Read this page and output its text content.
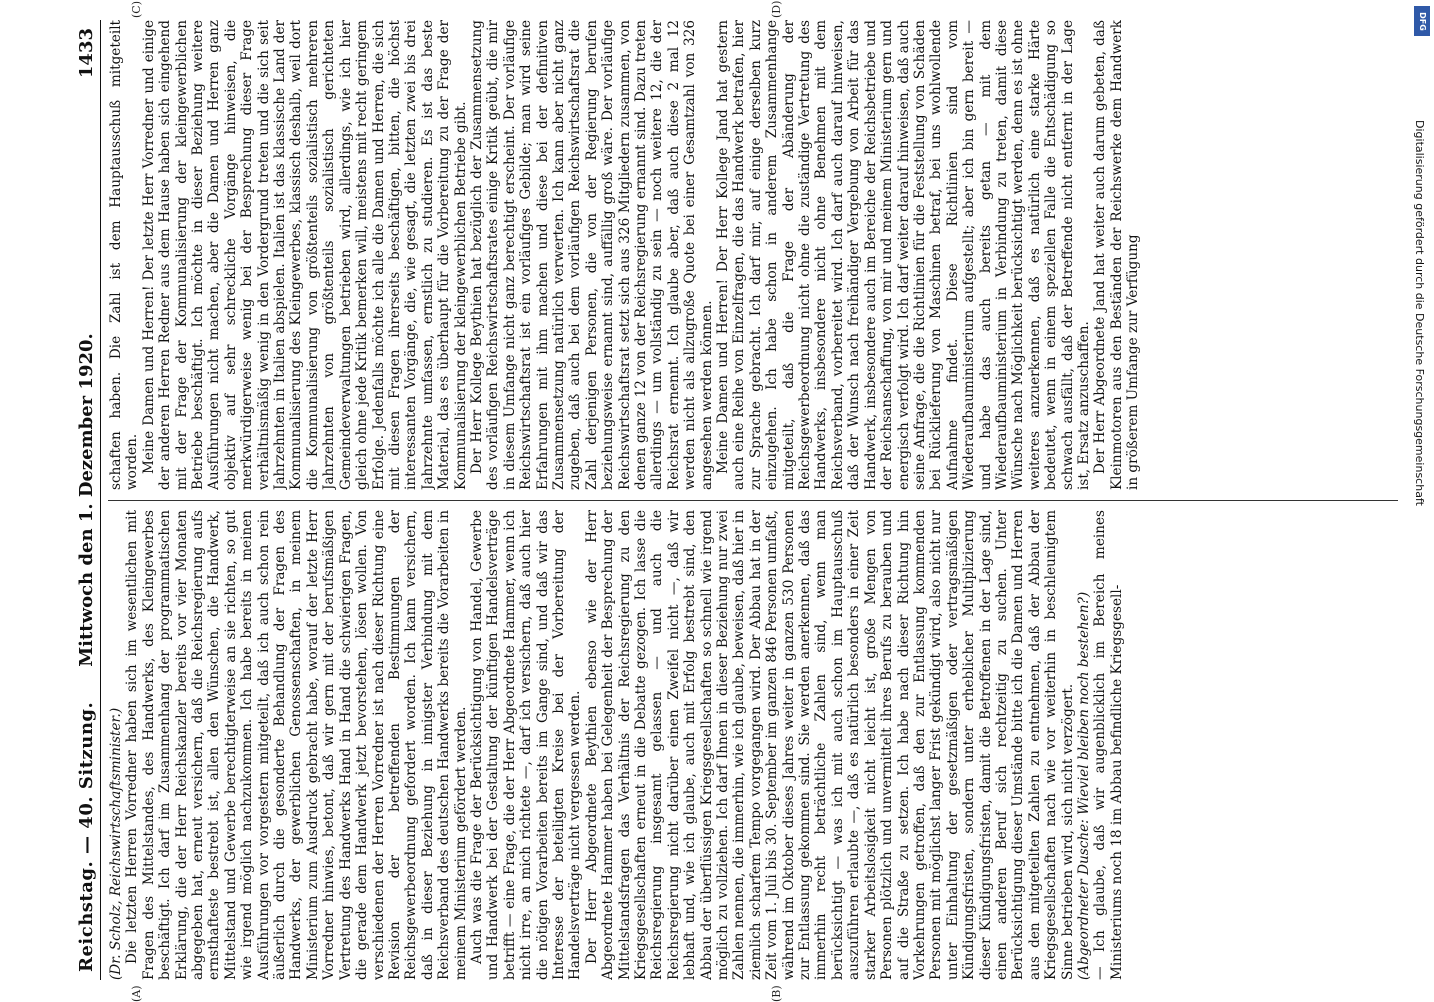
Reichstag. — 40. Sitzung.
Mittwoch den 1. Dezember 1920.
1433

(Dr. Scholz, Reichswirtschaftsminister.) Die letzten Herren Vorredner haben sich im wesentlichen mit Fragen des Mittelstandes, des Handwerks, des Kleingewerbes beschäftigt. Ich darf im Zusammenhang der programmatischen Erklärung, die der Herr Reichskanzler bereits vor vier Monaten abgegeben hat, erneut versichern, daß die Reichsregierung aufs ernsthafteste bestrebt ist, allen den Wünschen, die Handwerk, Mittelstand und Gewerbe berechtigterweise an sie richten, so gut wie irgend möglich nachzukommen. Ich habe bereits in meinen Ausführungen vor vorgestern mitgeteilt, daß ich auch schon rein äußerlich durch die gesonderte Behandlung der Fragen des Handwerks, der gewerblichen Genossenschaften, in meinem Ministerium zum Ausdruck gebracht habe, worauf der letzte Herr Vorredner hinwies, betont, daß wir gern mit der berufsmäßigen Vertretung des Handwerks Hand in Hand die schwierigen Fragen, die gerade dem Handwerk jetzt bevorstehen, lösen wollen. Von verschiedenen der Herren Vorredner ist nach dieser Richtung eine Revision der betreffenden Bestimmungen der Reichsgewerbeordnung gefordert worden. Ich kann versichern, daß in dieser Beziehung in innigster Verbindung mit dem Reichsverband des deutschen Handwerks bereits die Vorarbeiten in meinem Ministerium gefördert werden. Auch was die Frage der Berücksichtigung von Handel, Gewerbe und Handwerk bei der Gestaltung der künftigen Handelsverträge betrifft — eine Frage, die der Herr Abgeordnete Hammer, wenn ich nicht irre, an mich richtete —, darf ich versichern, daß auch hier die nötigen Vorarbeiten bereits im Gange sind, und daß wir das Interesse der beteiligten Kreise bei der Vorbereitung der Handelsverträge nicht vergessen werden. Der Herr Abgeordnete Beythien ebenso wie der Herr Abgeordnete Hammer haben bei Gelegenheit der Besprechung der Mittelstandsfragen das Verhältnis der Reichsregierung zu den Kriegsgesellschaften erneut in die Debatte gezogen. Ich lasse die Reichsregierung insgesamt gelassen — und auch die Reichsregierung nicht darüber einen Zweifel nicht —, daß wir lebhaft und, wie ich glaube, auch mit Erfolg bestrebt sind, den Abbau der überflüssigen Kriegsgesellschaften so schnell wie irgend möglich zu vollziehen. Ich darf Ihnen in dieser Beziehung nur zwei Zahlen nennen, die immerhin, wie ich glaube, beweisen, daß hier in ziemlich scharfem Tempo vorgegangen wird. Der Abbau hat in der Zeit vom 1. Juli bis 30. September im ganzen 846 Personen umfaßt, während im Oktober dieses Jahres weiter in ganzen 530 Personen zur Entlassung gekommen sind. Sie werden anerkennen, daß das immerhin recht beträchtliche Zahlen sind, wenn man berücksichtigt — was ich mit auch schon im Hauptausschuß auszuführen erlaubte —, daß es natürlich besonders in einer Zeit starker Arbeitslosigkeit nicht leicht ist, große Mengen von Personen plötzlich und unvermittelt ihres Berufs zu berauben und auf die Straße zu setzen. Ich habe nach dieser Richtung hin Vorkehrungen getroffen, daß den zur Entlassung kommenden Personen mit möglichst langer Frist gekündigt wird, also nicht nur unter Einhaltung der gesetzmäßigen oder vertragsmäßigen Kündigungsfristen, sondern unter erheblicher Multiplizierung dieser Kündigungsfristen, damit die Betroffenen in der Lage sind, einen anderen Beruf sich rechtzeitig zu suchen. Unter Berücksichtigung dieser Umstände bitte ich die Damen und Herren aus den mitgeteilten Zahlen zu entnehmen, daß der Abbau der Kriegsgesellschaften nach wie vor weiterhin in beschleunigtem Sinne betrieben wird, sich nicht verzögert. (Abgeordneter Dusche: Wieviel bleiben noch bestehen?) — Ich glaube, daß wir augenblicklich im Bereich meines Ministeriums noch 18 im Abbau befindliche Kriegsgesell-

schaften haben. Die Zahl ist dem Hauptausschuß mitgeteilt worden. Meine Damen und Herren! Der letzte Herr Vorredner und einige der anderen Herren Redner aus dem Hause haben sich eingehend mit der Frage der Kommunalisierung der kleingewerblichen Betriebe beschäftigt. Ich möchte in dieser Beziehung weitere Ausführungen nicht machen, aber die Damen und Herren ganz objektiv auf sehr schreckliche Vorgänge hinweisen, die merkwürdigerweise wenig bei der Besprechung dieser Frage verhältnismäßig wenig in den Vordergrund treten und die sich seit Jahrzehnten in Italien abspielen. Italien ist das klassische Land der Kommunalisierung des Kleingewerbes, klassisch deshalb, weil dort die Kommunalisierung von größtenteils sozialistisch mehreren Jahrzehnten von größtenteils sozialistisch gerichteten Gemeindeverwaltungen betrieben wird, allerdings, wie ich hier gleich ohne jede Kritik bemerken will, meistens mit recht geringem Erfolge. Jedenfalls möchte ich alle die Damen und Herren, die sich mit diesen Fragen ihrerseits beschäftigen, bitten, die höchst interessanten Vorgänge, die, wie gesagt, die letzten zwei bis drei Jahrzehnte umfassen, ernstlich zu studieren. Es ist das beste Material, das es überhaupt für die Vorbereitung zu der Frage der Kommunalisierung der kleingewerblichen Betriebe gibt. Der Herr Kollege Beythien hat bezüglich der Zusammensetzung des vorläufigen Reichswirtschaftsrates einige Kritik geübt, die mir in diesem Umfange nicht ganz berechtigt erscheint. Der vorläufige Reichswirtschaftsrat ist ein vorläufiges Gebilde; man wird seine Erfahrungen mit ihm machen und diese bei der definitiven Zusammensetzung natürlich verwerten. Ich kann aber nicht ganz zugeben, daß auch bei dem vorläufigen Reichswirtschaftsrat die Zahl derjenigen Personen, die von der Regierung berufen beziehungsweise ernannt sind, auffällig groß wäre. Der vorläufige Reichswirtschaftsrat setzt sich aus 326 Mitgliedern zusammen, von denen ganze 12 von der Reichsregierung ernannt sind. Dazu treten allerdings — um vollständig zu sein — noch weitere 12, die der Reichsrat ernennt. Ich glaube aber, daß auch diese 2 mal 12 werden nicht als allzugroße Quote bei einer Gesamtzahl von 326 angesehen werden können. Meine Damen und Herren! Der Herr Kollege Jand hat gestern auch eine Reihe von Einzelfragen, die das Handwerk betrafen, hier zur Sprache gebracht. Ich darf mir, auf einige derselben kurz einzugehen. Ich habe schon in anderem Zusammenhange mitgeteilt, daß die Frage der Abänderung der Reichsgewerbeordnung nicht ohne die zuständige Vertretung des Handwerks, insbesondere nicht ohne Benehmen mit dem Reichsverband, vorbereitet wird. Ich darf auch darauf hinweisen, daß der Wunsch nach freihändiger Vergebung von Arbeit für das Handwerk, insbesondere auch im Bereiche der Reichsbetriebe und der Reichsanschaffung, von mir und meinem Ministerium gern und energisch verfolgt wird. Ich darf weiter darauf hinweisen, daß auch seine Anfrage, die die Richtlinien für die Feststellung von Schäden bei Rücklieferung von Maschinen betraf, bei uns wohlwollende Aufnahme findet. Diese Richtlinien sind vom Wiederaufbauministerium aufgestellt; aber ich bin gern bereit — und habe das auch bereits getan — mit dem Wiederaufbauministerium in Verbindung zu treten, damit diese Wünsche nach Möglichkeit berücksichtigt werden, denn es ist ohne weiteres anzuerkennen, daß es natürlich eine starke Härte bedeutet, wenn in einem speziellen Falle die Entschädigung so schwach ausfällt, daß der Betreffende nicht entfernt in der Lage ist, Ersatz anzuschaffen. Der Herr Abgeordnete Jand hat weiter auch darum gebeten, daß Kleinmotoren aus den Beständen der Reichswerke dem Handwerk in größerem Umfange zur Verfügung

(A)	(B)
(C)	(D)
DFG
Digitalisierung gefördert durch die Deutsche Forschungsgemeinschaft
